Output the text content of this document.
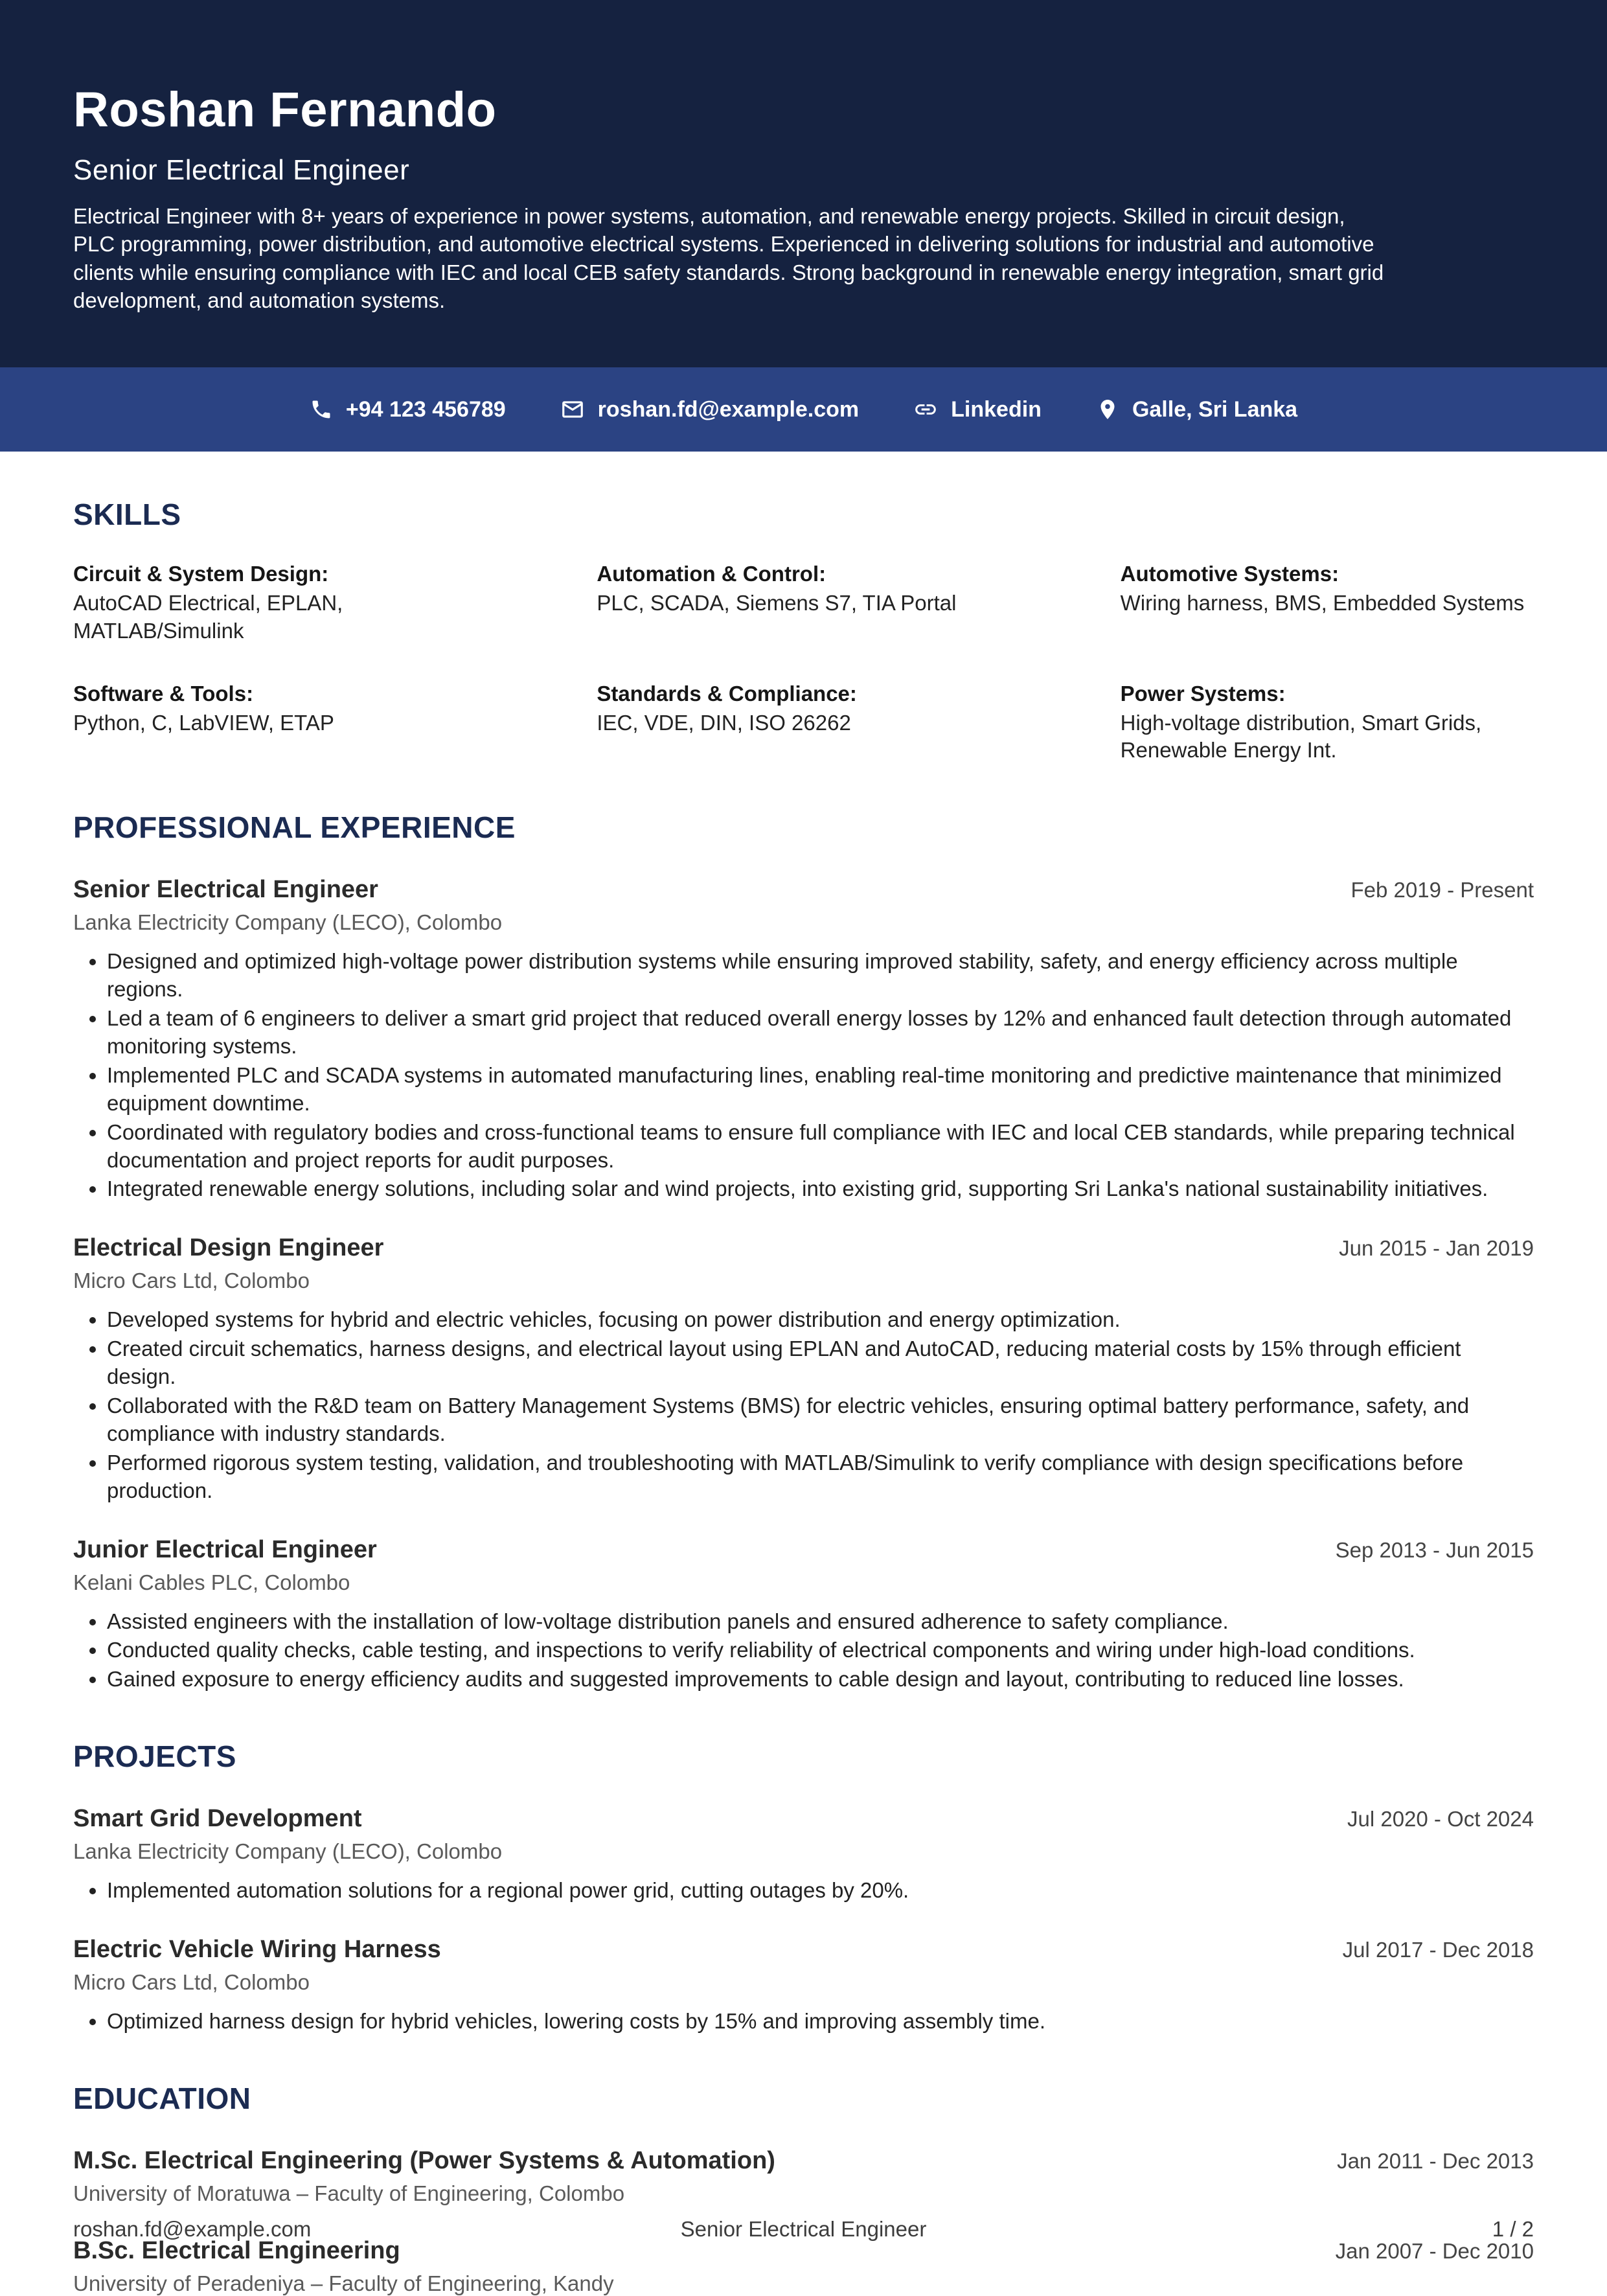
Roshan Fernando
Senior Electrical Engineer
Electrical Engineer with 8+ years of experience in power systems, automation, and renewable energy projects. Skilled in circuit design, PLC programming, power distribution, and automotive electrical systems. Experienced in delivering solutions for industrial and automotive clients while ensuring compliance with IEC and local CEB safety standards. Strong background in renewable energy integration, smart grid development, and automation systems.
+94 123 456789	roshan.fd@example.com	Linkedin	Galle, Sri Lanka
SKILLS
Circuit & System Design:
AutoCAD Electrical, EPLAN, MATLAB/Simulink
Automation & Control:
PLC, SCADA, Siemens S7, TIA Portal
Automotive Systems:
Wiring harness, BMS, Embedded Systems
Software & Tools:
Python, C, LabVIEW, ETAP
Standards & Compliance:
IEC, VDE, DIN, ISO 26262
Power Systems:
High-voltage distribution, Smart Grids, Renewable Energy Int.
PROFESSIONAL EXPERIENCE
Senior Electrical Engineer	Feb 2019 - Present
Lanka Electricity Company (LECO), Colombo
• Designed and optimized high-voltage power distribution systems while ensuring improved stability, safety, and energy efficiency across multiple regions.
• Led a team of 6 engineers to deliver a smart grid project that reduced overall energy losses by 12% and enhanced fault detection through automated monitoring systems.
• Implemented PLC and SCADA systems in automated manufacturing lines, enabling real-time monitoring and predictive maintenance that minimized equipment downtime.
• Coordinated with regulatory bodies and cross-functional teams to ensure full compliance with IEC and local CEB standards, while preparing technical documentation and project reports for audit purposes.
• Integrated renewable energy solutions, including solar and wind projects, into existing grid, supporting Sri Lanka's national sustainability initiatives.
Electrical Design Engineer	Jun 2015 - Jan 2019
Micro Cars Ltd, Colombo
• Developed systems for hybrid and electric vehicles, focusing on power distribution and energy optimization.
• Created circuit schematics, harness designs, and electrical layout using EPLAN and AutoCAD, reducing material costs by 15% through efficient design.
• Collaborated with the R&D team on Battery Management Systems (BMS) for electric vehicles, ensuring optimal battery performance, safety, and compliance with industry standards.
• Performed rigorous system testing, validation, and troubleshooting with MATLAB/Simulink to verify compliance with design specifications before production.
Junior Electrical Engineer	Sep 2013 - Jun 2015
Kelani Cables PLC, Colombo
• Assisted engineers with the installation of low-voltage distribution panels and ensured adherence to safety compliance.
• Conducted quality checks, cable testing, and inspections to verify reliability of electrical components and wiring under high-load conditions.
• Gained exposure to energy efficiency audits and suggested improvements to cable design and layout, contributing to reduced line losses.
PROJECTS
Smart Grid Development	Jul 2020 - Oct 2024
Lanka Electricity Company (LECO), Colombo
• Implemented automation solutions for a regional power grid, cutting outages by 20%.
Electric Vehicle Wiring Harness	Jul 2017 - Dec 2018
Micro Cars Ltd, Colombo
• Optimized harness design for hybrid vehicles, lowering costs by 15% and improving assembly time.
EDUCATION
M.Sc. Electrical Engineering (Power Systems & Automation)	Jan 2011 - Dec 2013
University of Moratuwa – Faculty of Engineering, Colombo
B.Sc. Electrical Engineering	Jan 2007 - Dec 2010
University of Peradeniya – Faculty of Engineering, Kandy
roshan.fd@example.com	Senior Electrical Engineer	1 / 2
